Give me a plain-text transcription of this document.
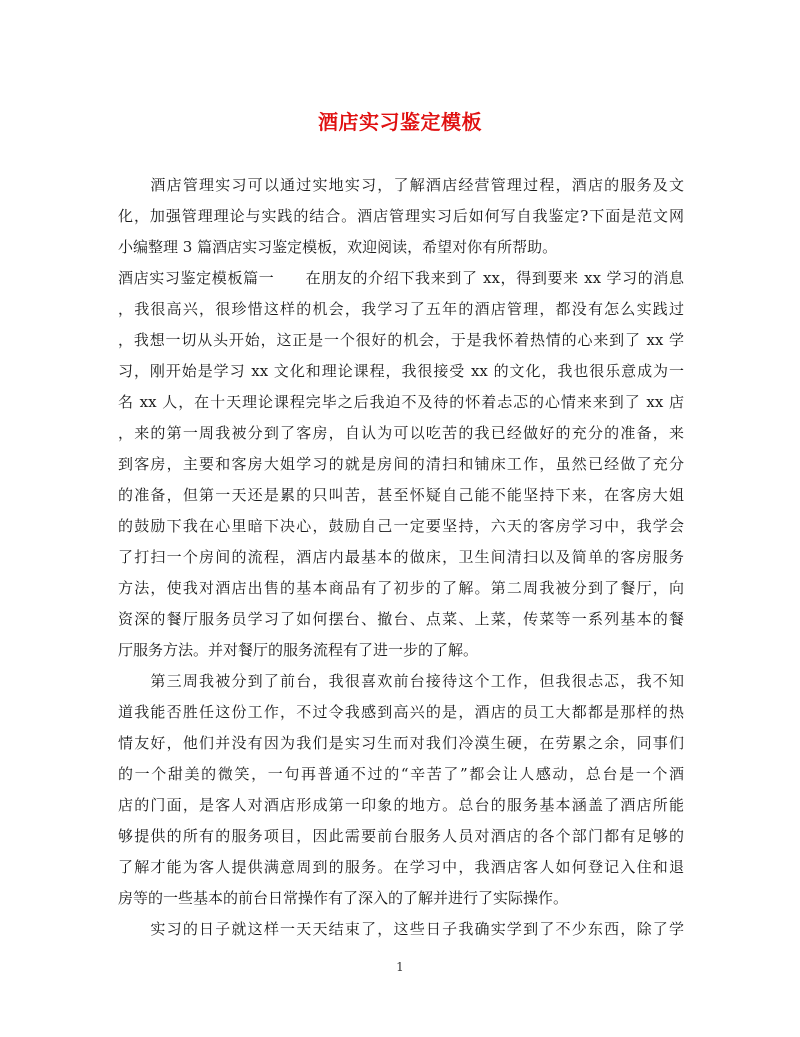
酒店实习鉴定模板
　　酒店管理实习可以通过实地实习，了解酒店经营管理过程，酒店的服务及文
化，加强管理理论与实践的结合。酒店管理实习后如何写自我鉴定?下面是范文网
小编整理 3 篇酒店实习鉴定模板，欢迎阅读，希望对你有所帮助。
酒店实习鉴定模板篇一　　在朋友的介绍下我来到了 xx，得到要来 xx 学习的消息
，我很高兴，很珍惜这样的机会，我学习了五年的酒店管理，都没有怎么实践过
，我想一切从头开始，这正是一个很好的机会，于是我怀着热情的心来到了 xx 学
习，刚开始是学习 xx 文化和理论课程，我很接受 xx 的文化，我也很乐意成为一
名 xx 人，在十天理论课程完毕之后我迫不及待的怀着忐忑的心情来来到了 xx 店
，来的第一周我被分到了客房，自认为可以吃苦的我已经做好的充分的准备，来
到客房，主要和客房大姐学习的就是房间的清扫和铺床工作，虽然已经做了充分
的准备，但第一天还是累的只叫苦，甚至怀疑自己能不能坚持下来，在客房大姐
的鼓励下我在心里暗下决心，鼓励自己一定要坚持，六天的客房学习中，我学会
了打扫一个房间的流程，酒店内最基本的做床，卫生间清扫以及简单的客房服务
方法，使我对酒店出售的基本商品有了初步的了解。第二周我被分到了餐厅，向
资深的餐厅服务员学习了如何摆台、撤台、点菜、上菜，传菜等一系列基本的餐
厅服务方法。并对餐厅的服务流程有了进一步的了解。
　　第三周我被分到了前台，我很喜欢前台接待这个工作，但我很忐忑，我不知
道我能否胜任这份工作，不过令我感到高兴的是，酒店的员工大都都是那样的热
情友好，他们并没有因为我们是实习生而对我们冷漠生硬，在劳累之余，同事们
的一个甜美的微笑，一句再普通不过的“辛苦了”都会让人感动，总台是一个酒
店的门面，是客人对酒店形成第一印象的地方。总台的服务基本涵盖了酒店所能
够提供的所有的服务项目，因此需要前台服务人员对酒店的各个部门都有足够的
了解才能为客人提供满意周到的服务。在学习中，我酒店客人如何登记入住和退
房等的一些基本的前台日常操作有了深入的了解并进行了实际操作。
　　实习的日子就这样一天天结束了，这些日子我确实学到了不少东西，除了学
1
